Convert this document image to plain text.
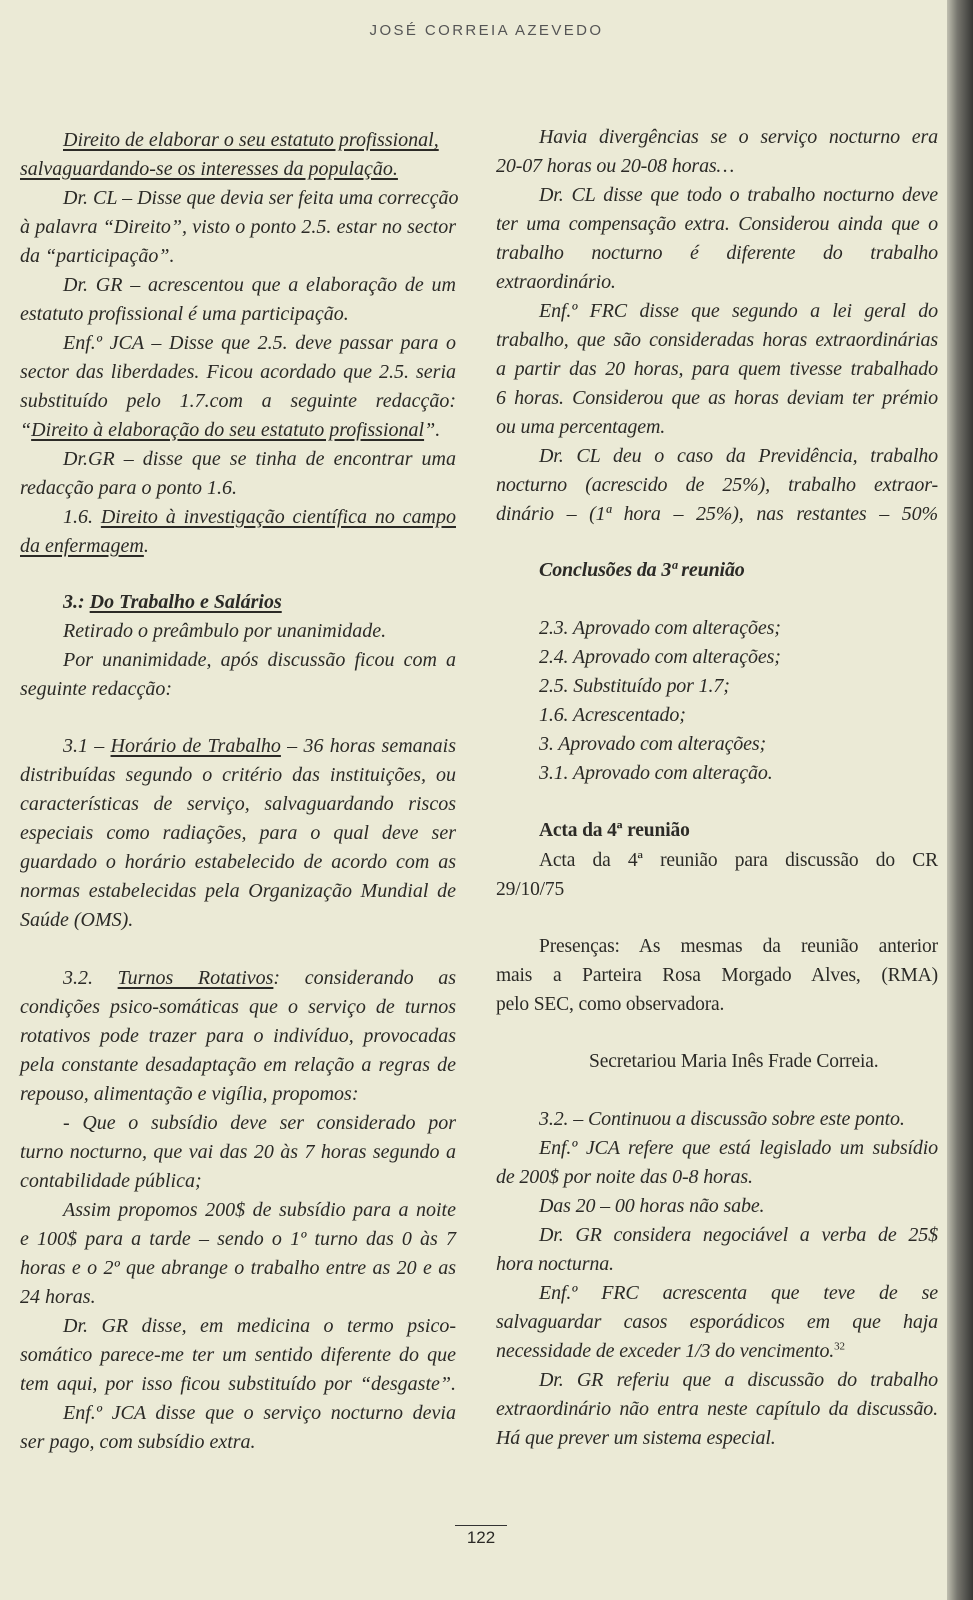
JOSÉ CORREIA AZEVEDO
Direito de elaborar o seu estatuto profissional,
salvaguardando-se os interesses da população.
Dr. CL – Disse que devia ser feita uma correcção
à palavra “Direito”, visto o ponto 2.5. estar no sector
da “participação”.
Dr. GR – acrescentou que a elaboração de um
estatuto profissional é uma participação.
Enf.º JCA – Disse que 2.5. deve passar para o
sector das liberdades. Ficou acordado que 2.5. seria
substituído pelo 1.7.com a seguinte redacção:
“Direito à elaboração do seu estatuto profissional”.
Dr.GR – disse que se tinha de encontrar uma
redacção para o ponto 1.6.
1.6. Direito à investigação científica no campo
da enfermagem.
3.: Do Trabalho e Salários
Retirado o preâmbulo por unanimidade.
Por unanimidade, após discussão ficou com a
seguinte redacção:
3.1 – Horário de Trabalho – 36 horas semanais
distribuídas segundo o critério das instituições, ou
características de serviço, salvaguardando riscos
especiais como radiações, para o qual deve ser
guardado o horário estabelecido de acordo com as
normas estabelecidas pela Organização Mundial de
Saúde (OMS).
3.2. Turnos Rotativos: considerando as
condições psico-somáticas que o serviço de turnos
rotativos pode trazer para o indivíduo, provocadas
pela constante desadaptação em relação a regras de
repouso, alimentação e vigília, propomos:
- Que o subsídio deve ser considerado por
turno nocturno, que vai das 20 às 7 horas segundo a
contabilidade pública;
Assim propomos 200$ de subsídio para a noite
e 100$ para a tarde – sendo o 1º turno das 0 às 7
horas e o 2º que abrange o trabalho entre as 20 e as
24 horas.
Dr. GR disse, em medicina o termo psico-
somático parece-me ter um sentido diferente do que
tem aqui, por isso ficou substituído por “desgaste”.
Enf.º JCA disse que o serviço nocturno devia
ser pago, com subsídio extra.
Havia divergências se o serviço nocturno era
20-07 horas ou 20-08 horas…
Dr. CL disse que todo o trabalho nocturno deve
ter uma compensação extra. Considerou ainda que o
trabalho nocturno é diferente do trabalho
extraordinário.
Enf.º FRC disse que segundo a lei geral do
trabalho, que são consideradas horas extraordinárias
a partir das 20 horas, para quem tivesse trabalhado
6 horas. Considerou que as horas deviam ter prémio
ou uma percentagem.
Dr. CL deu o caso da Previdência, trabalho
nocturno (acrescido de 25%), trabalho extraor-
dinário – (1ª hora – 25%), nas restantes – 50%
Conclusões da 3ª reunião
2.3. Aprovado com alterações;
2.4. Aprovado com alterações;
2.5. Substituído por 1.7;
1.6. Acrescentado;
3. Aprovado com alterações;
3.1. Aprovado com alteração.
Acta da 4ª reunião
Acta da 4ª reunião para discussão do CR
29/10/75
Presenças: As mesmas da reunião anterior
mais a Parteira Rosa Morgado Alves, (RMA)
pelo SEC, como observadora.
Secretariou Maria Inês Frade Correia.
3.2. – Continuou a discussão sobre este ponto.
Enf.º JCA refere que está legislado um subsídio
de 200$ por noite das 0-8 horas.
Das 20 – 00 horas não sabe.
Dr. GR considera negociável a verba de 25$
hora nocturna.
Enf.º FRC acrescenta que teve de se
salvaguardar casos esporádicos em que haja
necessidade de exceder 1/3 do vencimento.$^{32}$
Dr. GR referiu que a discussão do trabalho
extraordinário não entra neste capítulo da discussão.
Há que prever um sistema especial.
122
